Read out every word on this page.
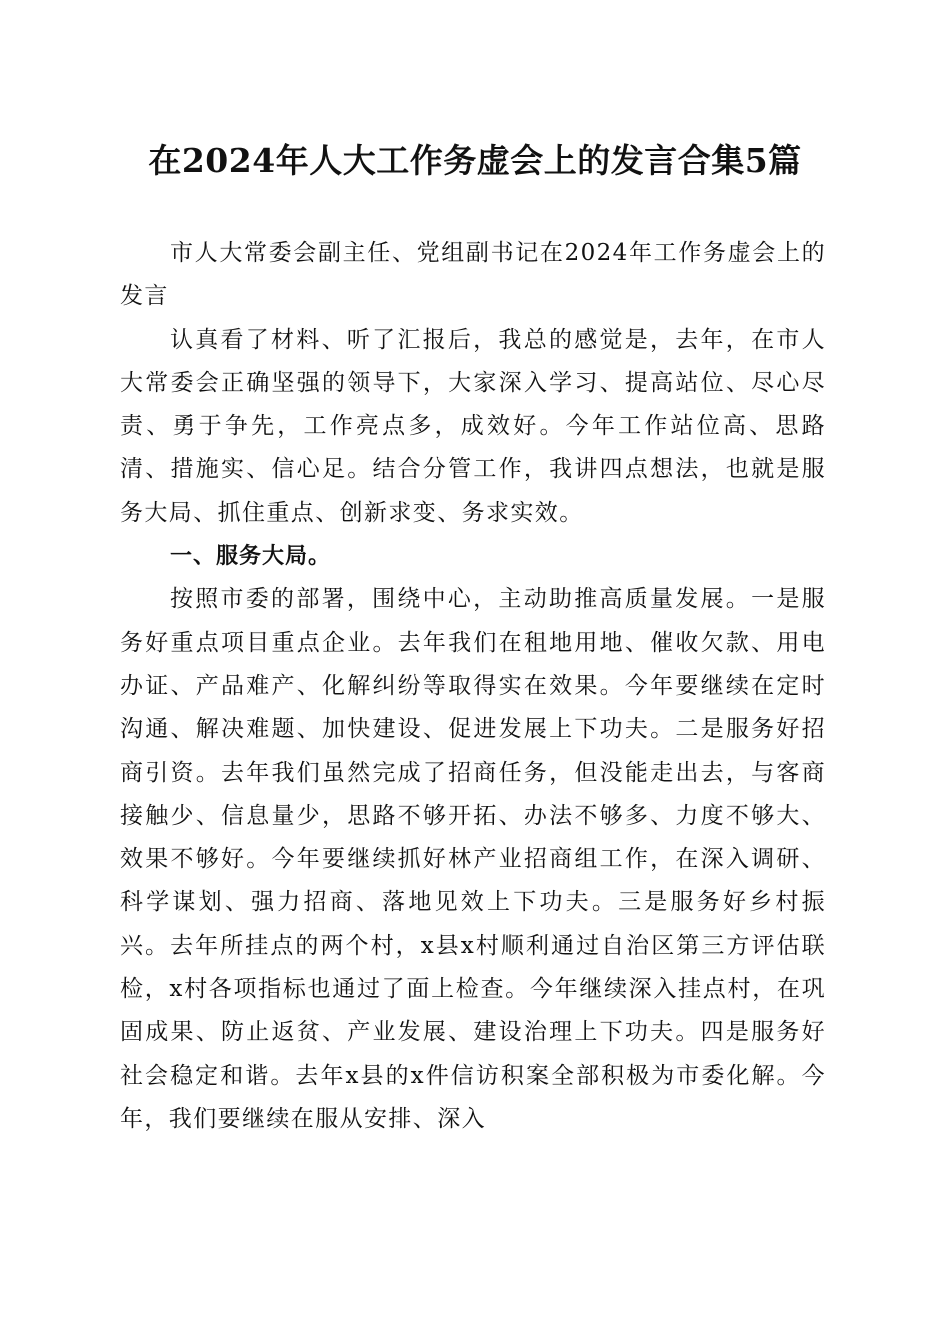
在2024年人大工作务虚会上的发言合集5篇

市人大常委会副主任、党组副书记在2024年工作务虚会上的发言

认真看了材料、听了汇报后，我总的感觉是，去年，在市人大常委会正确坚强的领导下，大家深入学习、提高站位、尽心尽责、勇于争先，工作亮点多，成效好。今年工作站位高、思路清、措施实、信心足。结合分管工作，我讲四点想法，也就是服务大局、抓住重点、创新求变、务求实效。

一、服务大局。

按照市委的部署，围绕中心，主动助推高质量发展。一是服务好重点项目重点企业。去年我们在租地用地、催收欠款、用电办证、产品难产、化解纠纷等取得实在效果。今年要继续在定时沟通、解决难题、加快建设、促进发展上下功夫。二是服务好招商引资。去年我们虽然完成了招商任务，但没能走出去，与客商接触少、信息量少，思路不够开拓、办法不够多、力度不够大、效果不够好。今年要继续抓好林产业招商组工作，在深入调研、科学谋划、强力招商、落地见效上下功夫。三是服务好乡村振兴。去年所挂点的两个村，x县x村顺利通过自治区第三方评估联检，x村各项指标也通过了面上检查。今年继续深入挂点村，在巩固成果、防止返贫、产业发展、建设治理上下功夫。四是服务好社会稳定和谐。去年x县的x件信访积案全部积极为市委化解。今年，我们要继续在服从安排、深入
